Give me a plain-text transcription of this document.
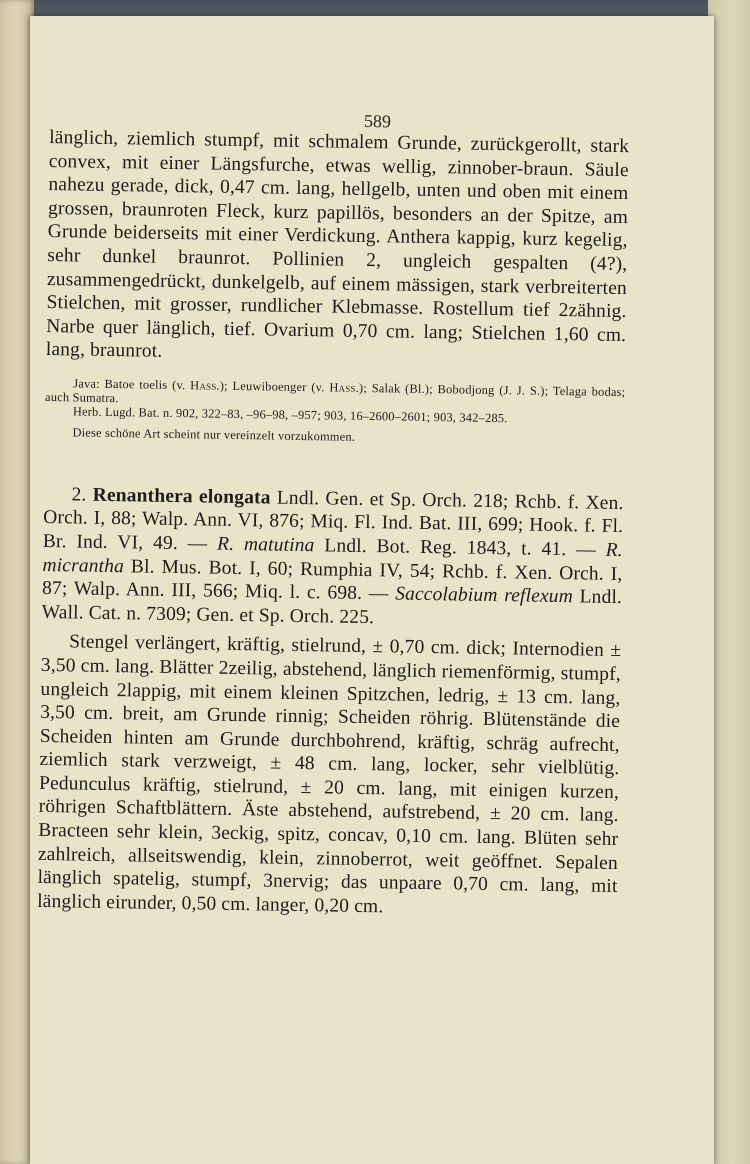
589

länglich, ziemlich stumpf, mit schmalem Grunde, zurückgerollt, stark convex, mit einer Längsfurche, etwas wellig, zinnober-braun. Säule nahezu gerade, dick, 0,47 cm. lang, hellgelb, unten und oben mit einem grossen, braunroten Fleck, kurz papillös, besonders an der Spitze, am Grunde beiderseits mit einer Verdickung. Anthera kappig, kurz kegelig, sehr dunkel braunrot. Pollinien 2, ungleich gespalten (4?), zusammengedrückt, dunkelgelb, auf einem mässigen, stark verbreiterten Stielchen, mit grosser, rundlicher Klebmasse. Rostellum tief 2zähnig. Narbe quer länglich, tief. Ovarium 0,70 cm. lang; Stielchen 1,60 cm. lang, braunrot.

Java: Batoe toelis (v. Hass.); Leuwiboenger (v. Hass.); Salak (Bl.); Bobodjong (J. J. S.); Telaga bodas; auch Sumatra.

Herb. Lugd. Bat. n. 902, 322–83, –96–98, –957; 903, 16–2600–2601; 903, 342–285.

Diese schöne Art scheint nur vereinzelt vorzukommen.

2. Renanthera elongata Lndl. Gen. et Sp. Orch. 218; Rchb. f. Xen. Orch. I, 88; Walp. Ann. VI, 876; Miq. Fl. Ind. Bat. III, 699; Hook. f. Fl. Br. Ind. VI, 49. — R. matutina Lndl. Bot. Reg. 1843, t. 41. — R. micrantha Bl. Mus. Bot. I, 60; Rumphia IV, 54; Rchb. f. Xen. Orch. I, 87; Walp. Ann. III, 566; Miq. l. c. 698. — Saccolabium reflexum Lndl. Wall. Cat. n. 7309; Gen. et Sp. Orch. 225.

Stengel verlängert, kräftig, stielrund, ± 0,70 cm. dick; Internodien ± 3,50 cm. lang. Blätter 2zeilig, abstehend, länglich riemenförmig, stumpf, ungleich 2lappig, mit einem kleinen Spitzchen, ledrig, ± 13 cm. lang, 3,50 cm. breit, am Grunde rinnig; Scheiden röhrig. Blütenstände die Scheiden hinten am Grunde durchbohrend, kräftig, schräg aufrecht, ziemlich stark verzweigt, ± 48 cm. lang, locker, sehr vielblütig. Pedunculus kräftig, stielrund, ± 20 cm. lang, mit einigen kurzen, röhrigen Schaftblättern. Äste abstehend, aufstrebend, ± 20 cm. lang. Bracteen sehr klein, 3eckig, spitz, concav, 0,10 cm. lang. Blüten sehr zahlreich, allseitswendig, klein, zinnoberrot, weit geöffnet. Sepalen länglich spatelig, stumpf, 3nervig; das unpaare 0,70 cm. lang, mit länglich eirunder, 0,50 cm. langer, 0,20 cm.
